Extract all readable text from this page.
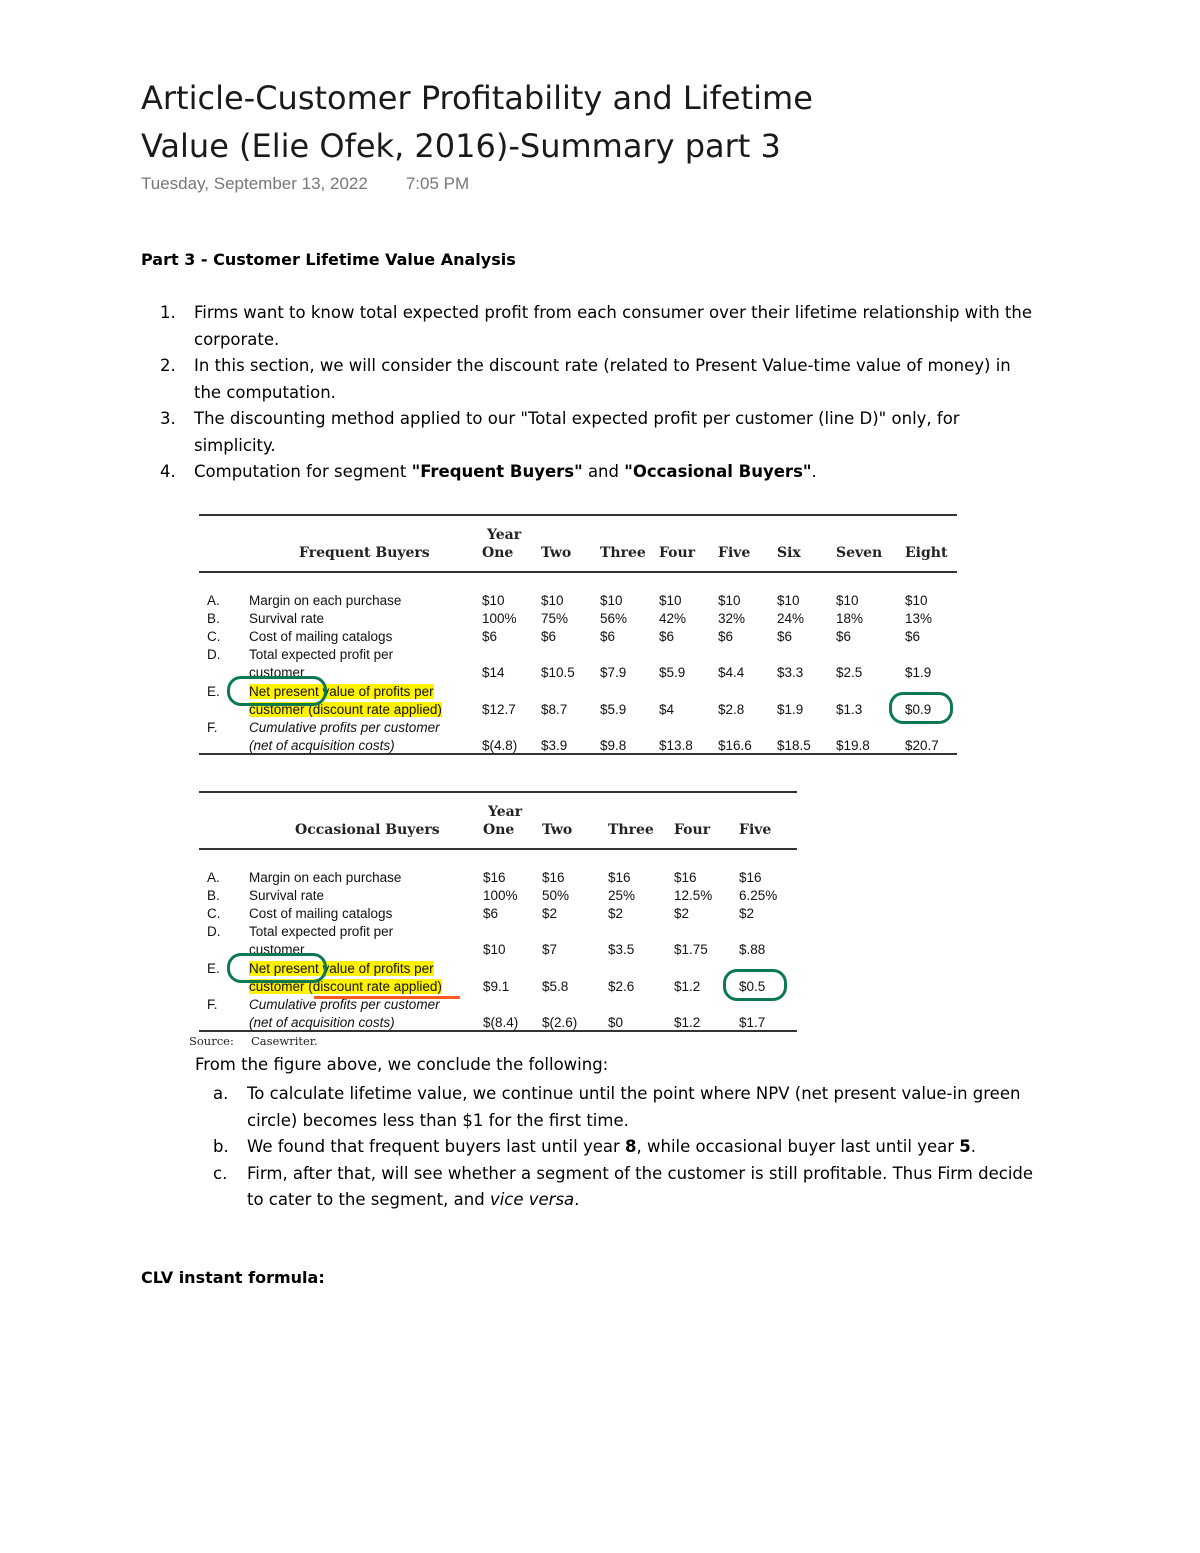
Article-Customer Profitability and Lifetime
Value (Elie Ofek, 2016)-Summary part 3
Tuesday, September 13, 2022 7:05 PM
Part 3 - Customer Lifetime Value Analysis
1. Firms want to know total expected profit from each consumer over their lifetime relationship with the corporate.
2. In this section, we will consider the discount rate (related to Present Value-time value of money) in the computation.
3. The discounting method applied to our "Total expected profit per customer (line D)" only, for simplicity.
4. Computation for segment "Frequent Buyers" and "Occasional Buyers".
Frequent Buyers
Year
One Two Three Four Five Six	Seven Eight
A. Margin on each purchase	$10	$10	$10	$10	$10	$10	$10	$10
B. Survival rate	100% 75% 56% 42% 32% 24% 18%	13%
C. Cost of mailing catalogs	$6	$6	$6	$6	$6	$6	$6	$6
D. Total expected profit per
customer	$14	$10.5 $7.9 $5.9 $4.4 $3.3 $2.5	$1.9
E. Net present value of profits per
customer (discount rate applied)	$12.7 $8.7 $5.9 $4	$2.8 $1.9 $1.3	$0.9
F. Cumulative profits per customer
(net of acquisition costs)	$(4.8) $3.9 $9.8 $13.8 $16.6 $18.5 $19.8	$20.7
Occasional Buyers
Year
Source: Casewriter.
One Two	Three Four Five
A. Margin on each purchase	$16	$16	$16	$16	$16
B. Survival rate	100% 50%	25%	12.5% 6.25%
C. Cost of mailing catalogs	$6	$2	$2	$2	$2
D. Total expected profit per
customer	$10	$7	$3.5	$1.75 $.88
E. Net present value of profits per
customer (discount rate applied)	$9.1 $5.8	$2.6	$1.2	$0.5
F. Cumulative profits per customer
(net of acquisition costs)	$(8.4) $(2.6) $0	$1.2	$1.7
From the figure above, we conclude the following:
a. To calculate lifetime value, we continue until the point where NPV (net present value-in green circle) becomes less than $1 for the first time.
b. We found that frequent buyers last until year 8, while occasional buyer last until year 5.
c. Firm, after that, will see whether a segment of the customer is still profitable. Thus Firm decide to cater to the segment, and vice versa.
CLV instant formula:
